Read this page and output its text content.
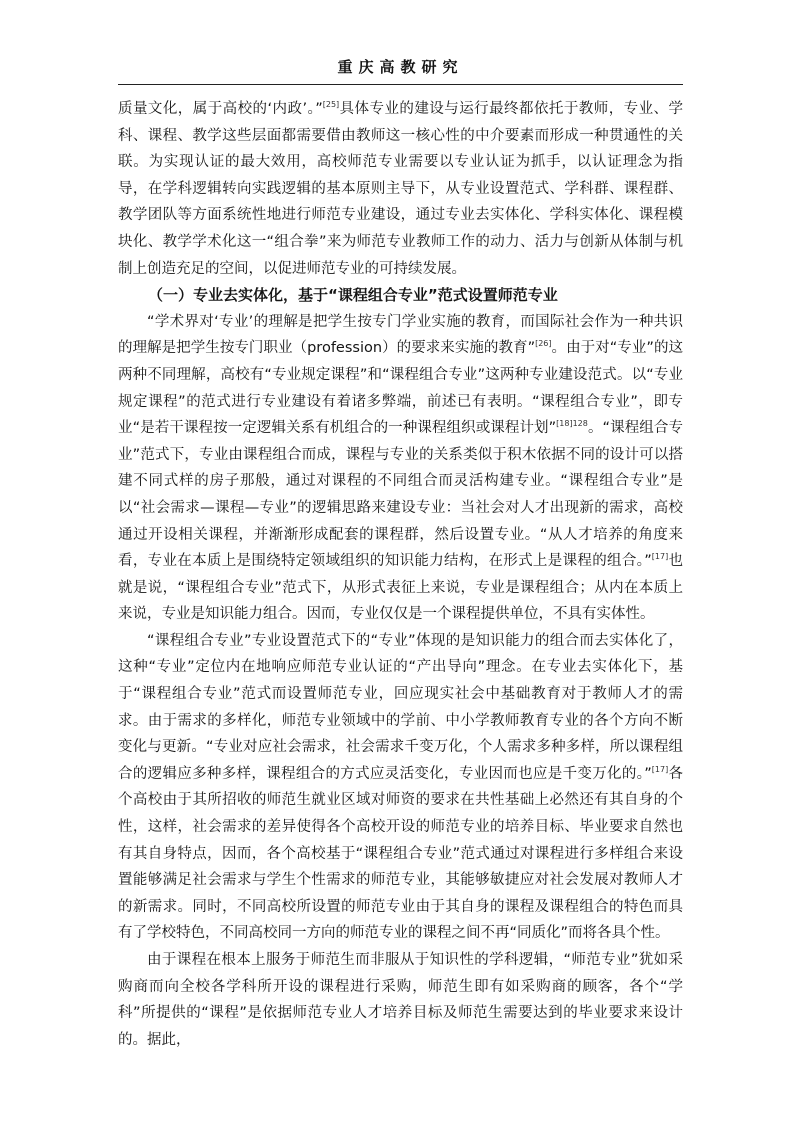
重庆高教研究

质量文化，属于高校的‘内政’。”[25]具体专业的建设与运行最终都依托于教师，专业、学科、课程、教学这些层面都需要借由教师这一核心性的中介要素而形成一种贯通性的关联。为实现认证的最大效用，高校师范专业需要以专业认证为抓手，以认证理念为指导，在学科逻辑转向实践逻辑的基本原则主导下，从专业设置范式、学科群、课程群、教学团队等方面系统性地进行师范专业建设，通过专业去实体化、学科实体化、课程模块化、教学学术化这一“组合拳”来为师范专业教师工作的动力、活力与创新从体制与机制上创造充足的空间，以促进师范专业的可持续发展。

（一）专业去实体化，基于“课程组合专业”范式设置师范专业

“学术界对‘专业’的理解是把学生按专门学业实施的教育，而国际社会作为一种共识的理解是把学生按专门职业（profession）的要求来实施的教育”[26]。由于对“专业”的这两种不同理解，高校有“专业规定课程”和“课程组合专业”这两种专业建设范式。以“专业规定课程”的范式进行专业建设有着诸多弊端，前述已有表明。“课程组合专业”，即专业“是若干课程按一定逻辑关系有机组合的一种课程组织或课程计划”$^{[18]128}$。“课程组合专业”范式下，专业由课程组合而成，课程与专业的关系类似于积木依据不同的设计可以搭建不同式样的房子那般，通过对课程的不同组合而灵活构建专业。“课程组合专业”是以“社会需求—课程—专业”的逻辑思路来建设专业：当社会对人才出现新的需求，高校通过开设相关课程，并渐渐形成配套的课程群，然后设置专业。“从人才培养的角度来看，专业在本质上是围绕特定领域组织的知识能力结构，在形式上是课程的组合。”[17]也就是说，“课程组合专业”范式下，从形式表征上来说，专业是课程组合；从内在本质上来说，专业是知识能力组合。因而，专业仅仅是一个课程提供单位，不具有实体性。

“课程组合专业”专业设置范式下的“专业”体现的是知识能力的组合而去实体化了，这种“专业”定位内在地响应师范专业认证的“产出导向”理念。在专业去实体化下，基于“课程组合专业”范式而设置师范专业，回应现实社会中基础教育对于教师人才的需求。由于需求的多样化，师范专业领域中的学前、中小学教师教育专业的各个方向不断变化与更新。“专业对应社会需求，社会需求千变万化，个人需求多种多样，所以课程组合的逻辑应多种多样，课程组合的方式应灵活变化，专业因而也应是千变万化的。”[17]各个高校由于其所招收的师范生就业区域对师资的要求在共性基础上必然还有其自身的个性，这样，社会需求的差异使得各个高校开设的师范专业的培养目标、毕业要求自然也有其自身特点，因而，各个高校基于“课程组合专业”范式通过对课程进行多样组合来设置能够满足社会需求与学生个性需求的师范专业，其能够敏捷应对社会发展对教师人才的新需求。同时，不同高校所设置的师范专业由于其自身的课程及课程组合的特色而具有了学校特色，不同高校同一方向的师范专业的课程之间不再“同质化”而将各具个性。

由于课程在根本上服务于师范生而非服从于知识性的学科逻辑，“师范专业”犹如采购商而向全校各学科所开设的课程进行采购，师范生即有如采购商的顾客，各个“学科”所提供的“课程”是依据师范专业人才培养目标及师范生需要达到的毕业要求来设计的。据此，
